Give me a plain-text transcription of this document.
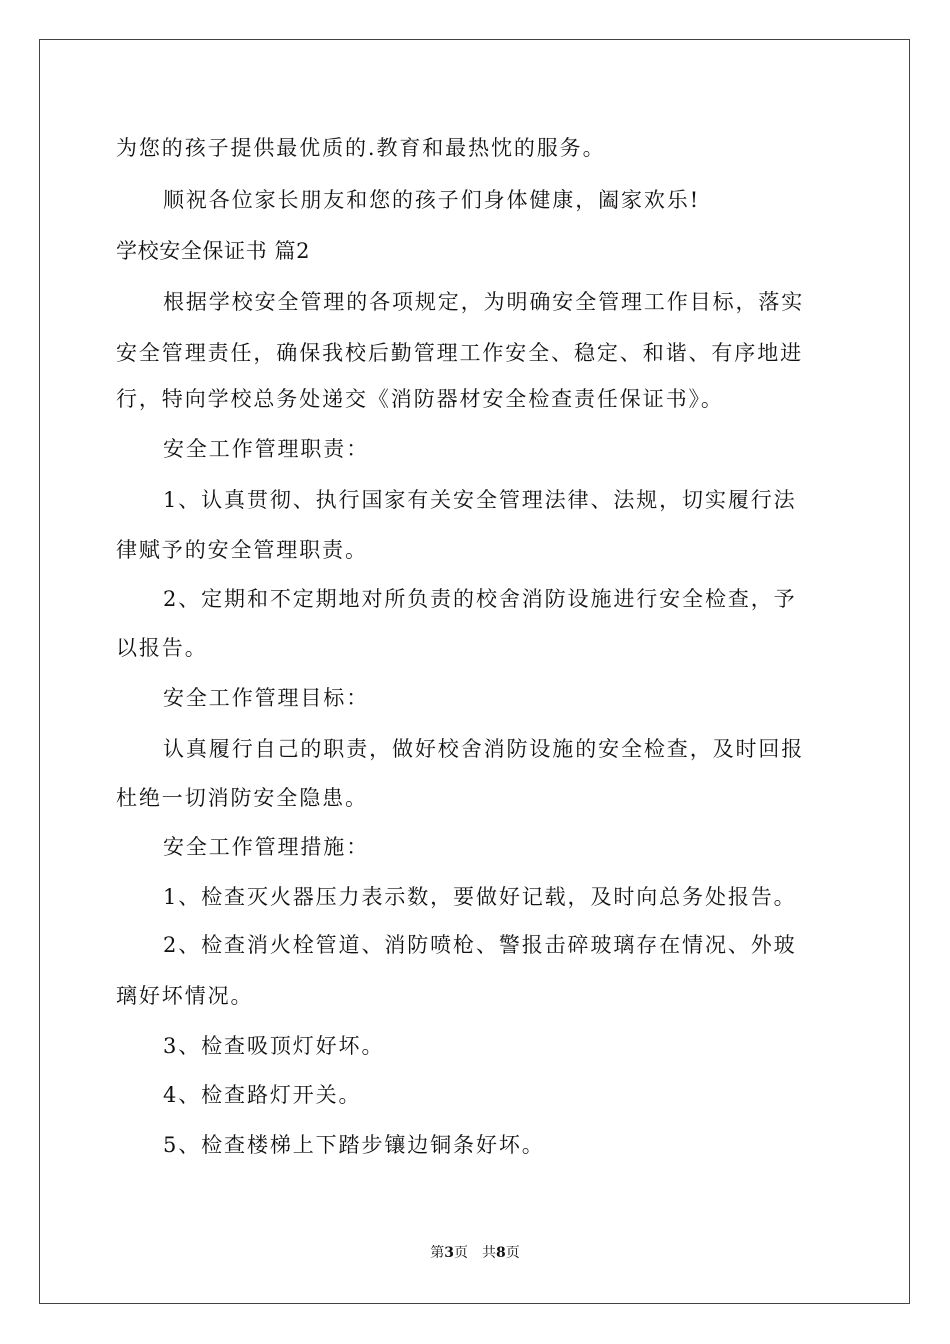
为您的孩子提供最优质的.教育和最热忱的服务。
顺祝各位家长朋友和您的孩子们身体健康，阖家欢乐!
学校安全保证书 篇2
根据学校安全管理的各项规定，为明确安全管理工作目标，落实
安全管理责任，确保我校后勤管理工作安全、稳定、和谐、有序地进
行，特向学校总务处递交《消防器材安全检查责任保证书》。
安全工作管理职责：
1、认真贯彻、执行国家有关安全管理法律、法规，切实履行法
律赋予的安全管理职责。
2、定期和不定期地对所负责的校舍消防设施进行安全检查，予
以报告。
安全工作管理目标：
认真履行自己的职责，做好校舍消防设施的安全检查，及时回报
杜绝一切消防安全隐患。
安全工作管理措施：
1、检查灭火器压力表示数，要做好记载，及时向总务处报告。
2、检查消火栓管道、消防喷枪、警报击碎玻璃存在情况、外玻
璃好坏情况。
3、检查吸顶灯好坏。
4、检查路灯开关。
5、检查楼梯上下踏步镶边铜条好坏。
第3页 共8页
